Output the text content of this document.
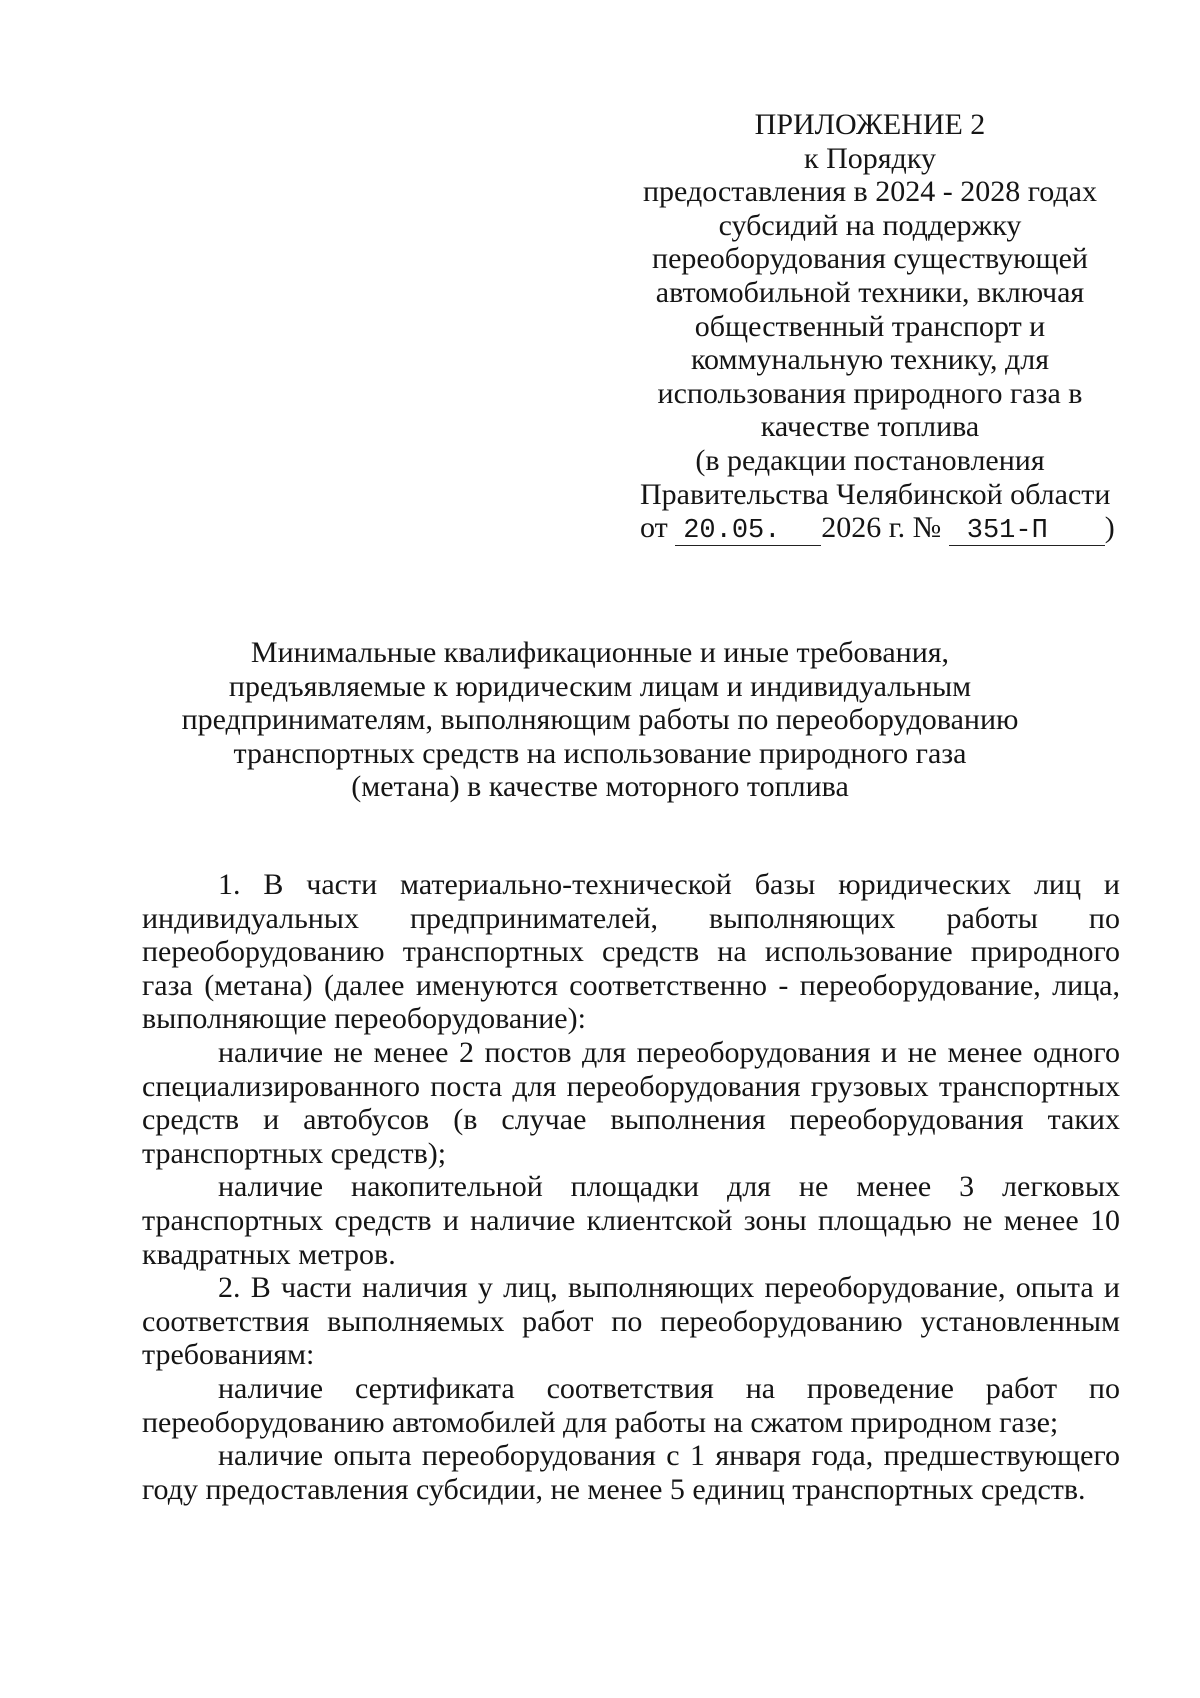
ПРИЛОЖЕНИЕ 2
к Порядку
предоставления в 2024 - 2028 годах
субсидий на поддержку
переоборудования существующей
автомобильной техники, включая
общественный транспорт и
коммунальную технику, для
использования природного газа в
качестве топлива
(в редакции постановления
Правительства Челябинской области
от 20.05. 2026 г. № 351-П )
Минимальные квалификационные и иные требования,
предъявляемые к юридическим лицам и индивидуальным
предпринимателям, выполняющим работы по переоборудованию
транспортных средств на использование природного газа
(метана) в качестве моторного топлива

1. В части материально-технической базы юридических лиц и индивидуальных предпринимателей, выполняющих работы по переоборудованию транспортных средств на использование природного газа (метана) (далее именуются соответственно - переоборудование, лица, выполняющие переоборудование):

наличие не менее 2 постов для переоборудования и не менее одного специализированного поста для переоборудования грузовых транспортных средств и автобусов (в случае выполнения переоборудования таких транспортных средств);

наличие накопительной площадки для не менее 3 легковых транспортных средств и наличие клиентской зоны площадью не менее 10 квадратных метров.

2. В части наличия у лиц, выполняющих переоборудование, опыта и соответствия выполняемых работ по переоборудованию установленным требованиям:

наличие сертификата соответствия на проведение работ по переоборудованию автомобилей для работы на сжатом природном газе;

наличие опыта переоборудования с 1 января года, предшествующего году предоставления субсидии, не менее 5 единиц транспортных средств.
